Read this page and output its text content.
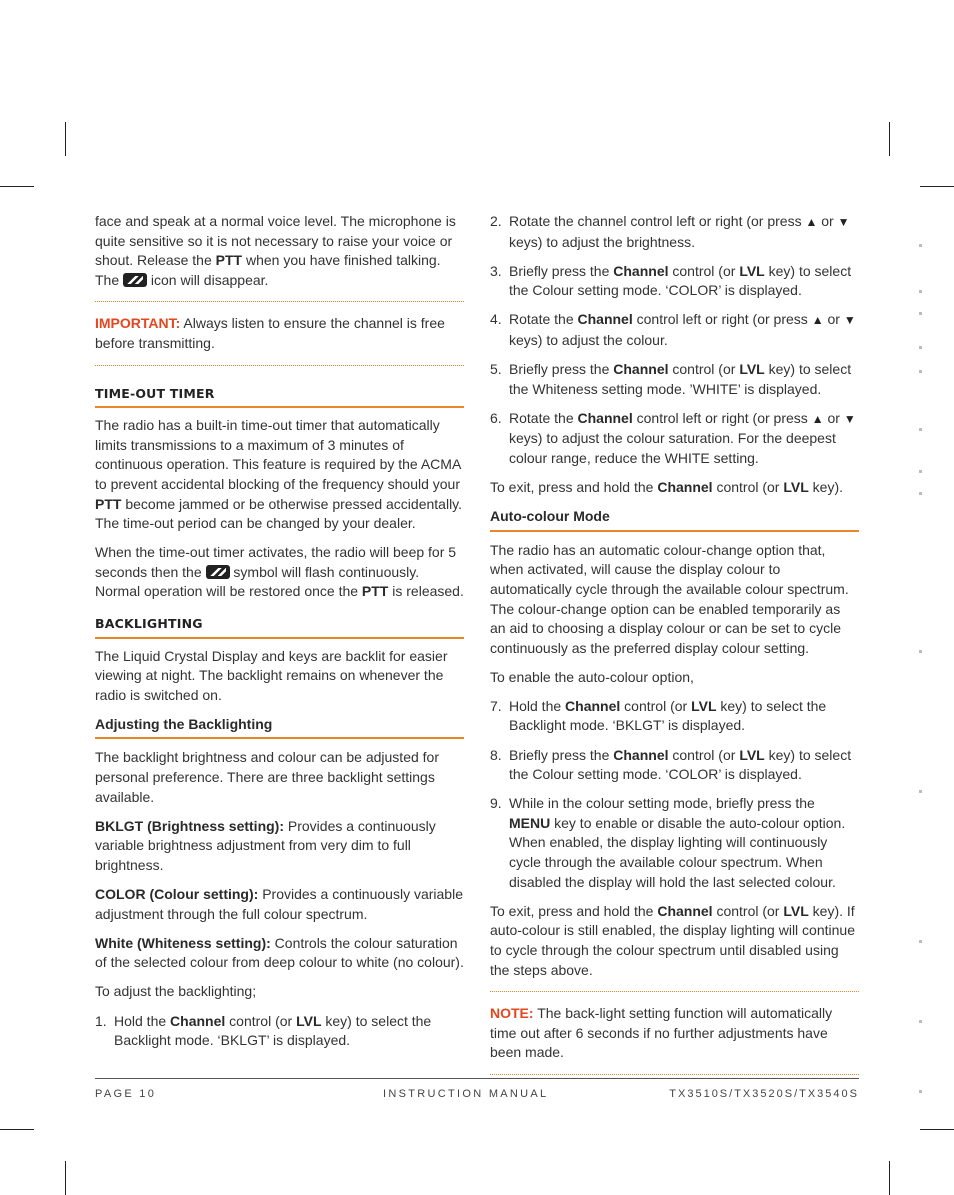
face and speak at a normal voice level. The microphone is quite sensitive so it is not necessary to raise your voice or shout. Release the PTT when you have finished talking. The  icon will disappear.

IMPORTANT: Always listen to ensure the channel is free before transmitting.

TIME-OUT TIMER

The radio has a built-in time-out timer that automatically limits transmissions to a maximum of 3 minutes of continuous operation. This feature is required by the ACMA to prevent accidental blocking of the frequency should your PTT become jammed or be otherwise pressed accidentally. The time-out period can be changed by your dealer.

When the time-out timer activates, the radio will beep for 5 seconds then the  symbol will flash continuously. Normal operation will be restored once the PTT is released.

BACKLIGHTING

The Liquid Crystal Display and keys are backlit for easier viewing at night. The backlight remains on whenever the radio is switched on.

Adjusting the Backlighting

The backlight brightness and colour can be adjusted for personal preference. There are three backlight settings available.

BKLGT (Brightness setting): Provides a continuously variable brightness adjustment from very dim to full brightness.

COLOR (Colour setting): Provides a continuously variable adjustment through the full colour spectrum.

White (Whiteness setting): Controls the colour saturation of the selected colour from deep colour to white (no colour).

To adjust the backlighting;

1. Hold the Channel control (or LVL key) to select the Backlight mode. ‘BKLGT’ is displayed.
2. Rotate the channel control left or right (or press ▲ or ▼ keys) to adjust the brightness.
3. Briefly press the Channel control (or LVL key) to select the Colour setting mode. ‘COLOR’ is displayed.
4. Rotate the Channel control left or right (or press ▲ or ▼ keys) to adjust the colour.
5. Briefly press the Channel control (or LVL key) to select the Whiteness setting mode. ’WHITE’ is displayed.
6. Rotate the Channel control left or right (or press ▲ or ▼ keys) to adjust the colour saturation. For the deepest colour range, reduce the WHITE setting.

To exit, press and hold the Channel control (or LVL key).

Auto-colour Mode

The radio has an automatic colour-change option that, when activated, will cause the display colour to automatically cycle through the available colour spectrum. The colour-change option can be enabled temporarily as an aid to choosing a display colour or can be set to cycle continuously as the preferred display colour setting.

To enable the auto-colour option,

7. Hold the Channel control (or LVL key) to select the Backlight mode. ‘BKLGT’ is displayed.
8. Briefly press the Channel control (or LVL key) to select the Colour setting mode. ‘COLOR’ is displayed.
9. While in the colour setting mode, briefly press the MENU key to enable or disable the auto-colour option. When enabled, the display lighting will continuously cycle through the available colour spectrum. When disabled the display will hold the last selected colour.

To exit, press and hold the Channel control (or LVL key). If auto-colour is still enabled, the display lighting will continue to cycle through the colour spectrum until disabled using the steps above.

NOTE: The back-light setting function will automatically time out after 6 seconds if no further adjustments have been made.

PAGE 10	INSTRUCTION MANUAL	TX3510S/TX3520S/TX3540S
